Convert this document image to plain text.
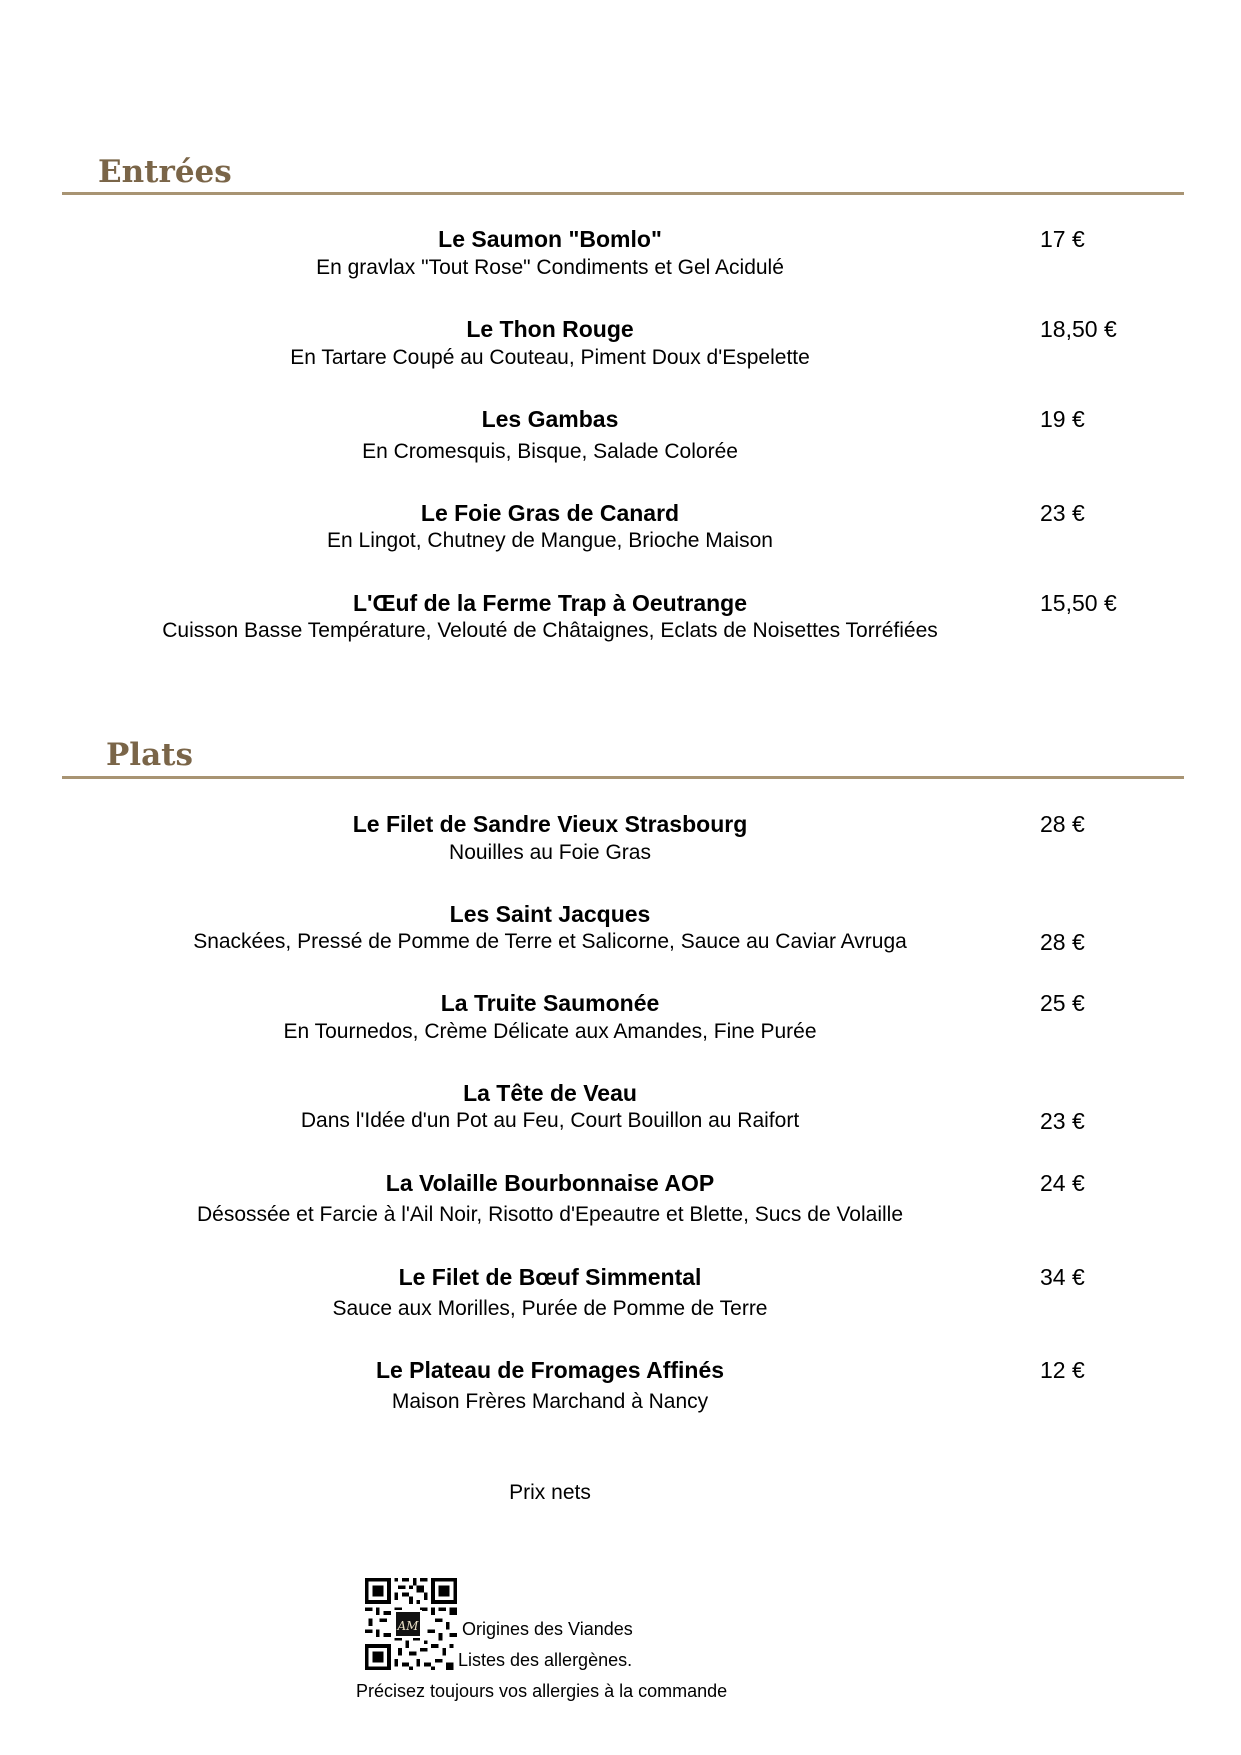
Entrées
Le Saumon "Bomlo"
En gravlax "Tout Rose" Condiments et Gel Acidulé
17 €
Le Thon Rouge
En Tartare Coupé au Couteau, Piment Doux d'Espelette
18,50 €
Les Gambas
En Cromesquis, Bisque, Salade Colorée
19 €
Le Foie Gras de Canard
En Lingot, Chutney de Mangue, Brioche Maison
23 €
L'Œuf de la Ferme Trap à Oeutrange
Cuisson Basse Température, Velouté de Châtaignes, Eclats de Noisettes Torréfiées
15,50 €
Plats
Le Filet de Sandre Vieux Strasbourg
Nouilles au Foie Gras
28 €
Les Saint Jacques
Snackées, Pressé de Pomme de Terre et Salicorne, Sauce au Caviar Avruga	28 €
La Truite Saumonée
En Tournedos, Crème Délicate aux Amandes, Fine Purée
25 €
La Tête de Veau
Dans l'Idée d'un Pot au Feu, Court Bouillon au Raifort	23 €
La Volaille Bourbonnaise AOP
Désossée et Farcie à l'Ail Noir, Risotto d'Epeautre et Blette, Sucs de Volaille
24 €
Le Filet de Bœuf Simmental
Sauce aux Morilles, Purée de Pomme de Terre
34 €
Le Plateau de Fromages Affinés
Maison Frères Marchand à Nancy
12 €
Prix nets
AM Origines des Viandes
Listes des allergènes.
Précisez toujours vos allergies à la commande
